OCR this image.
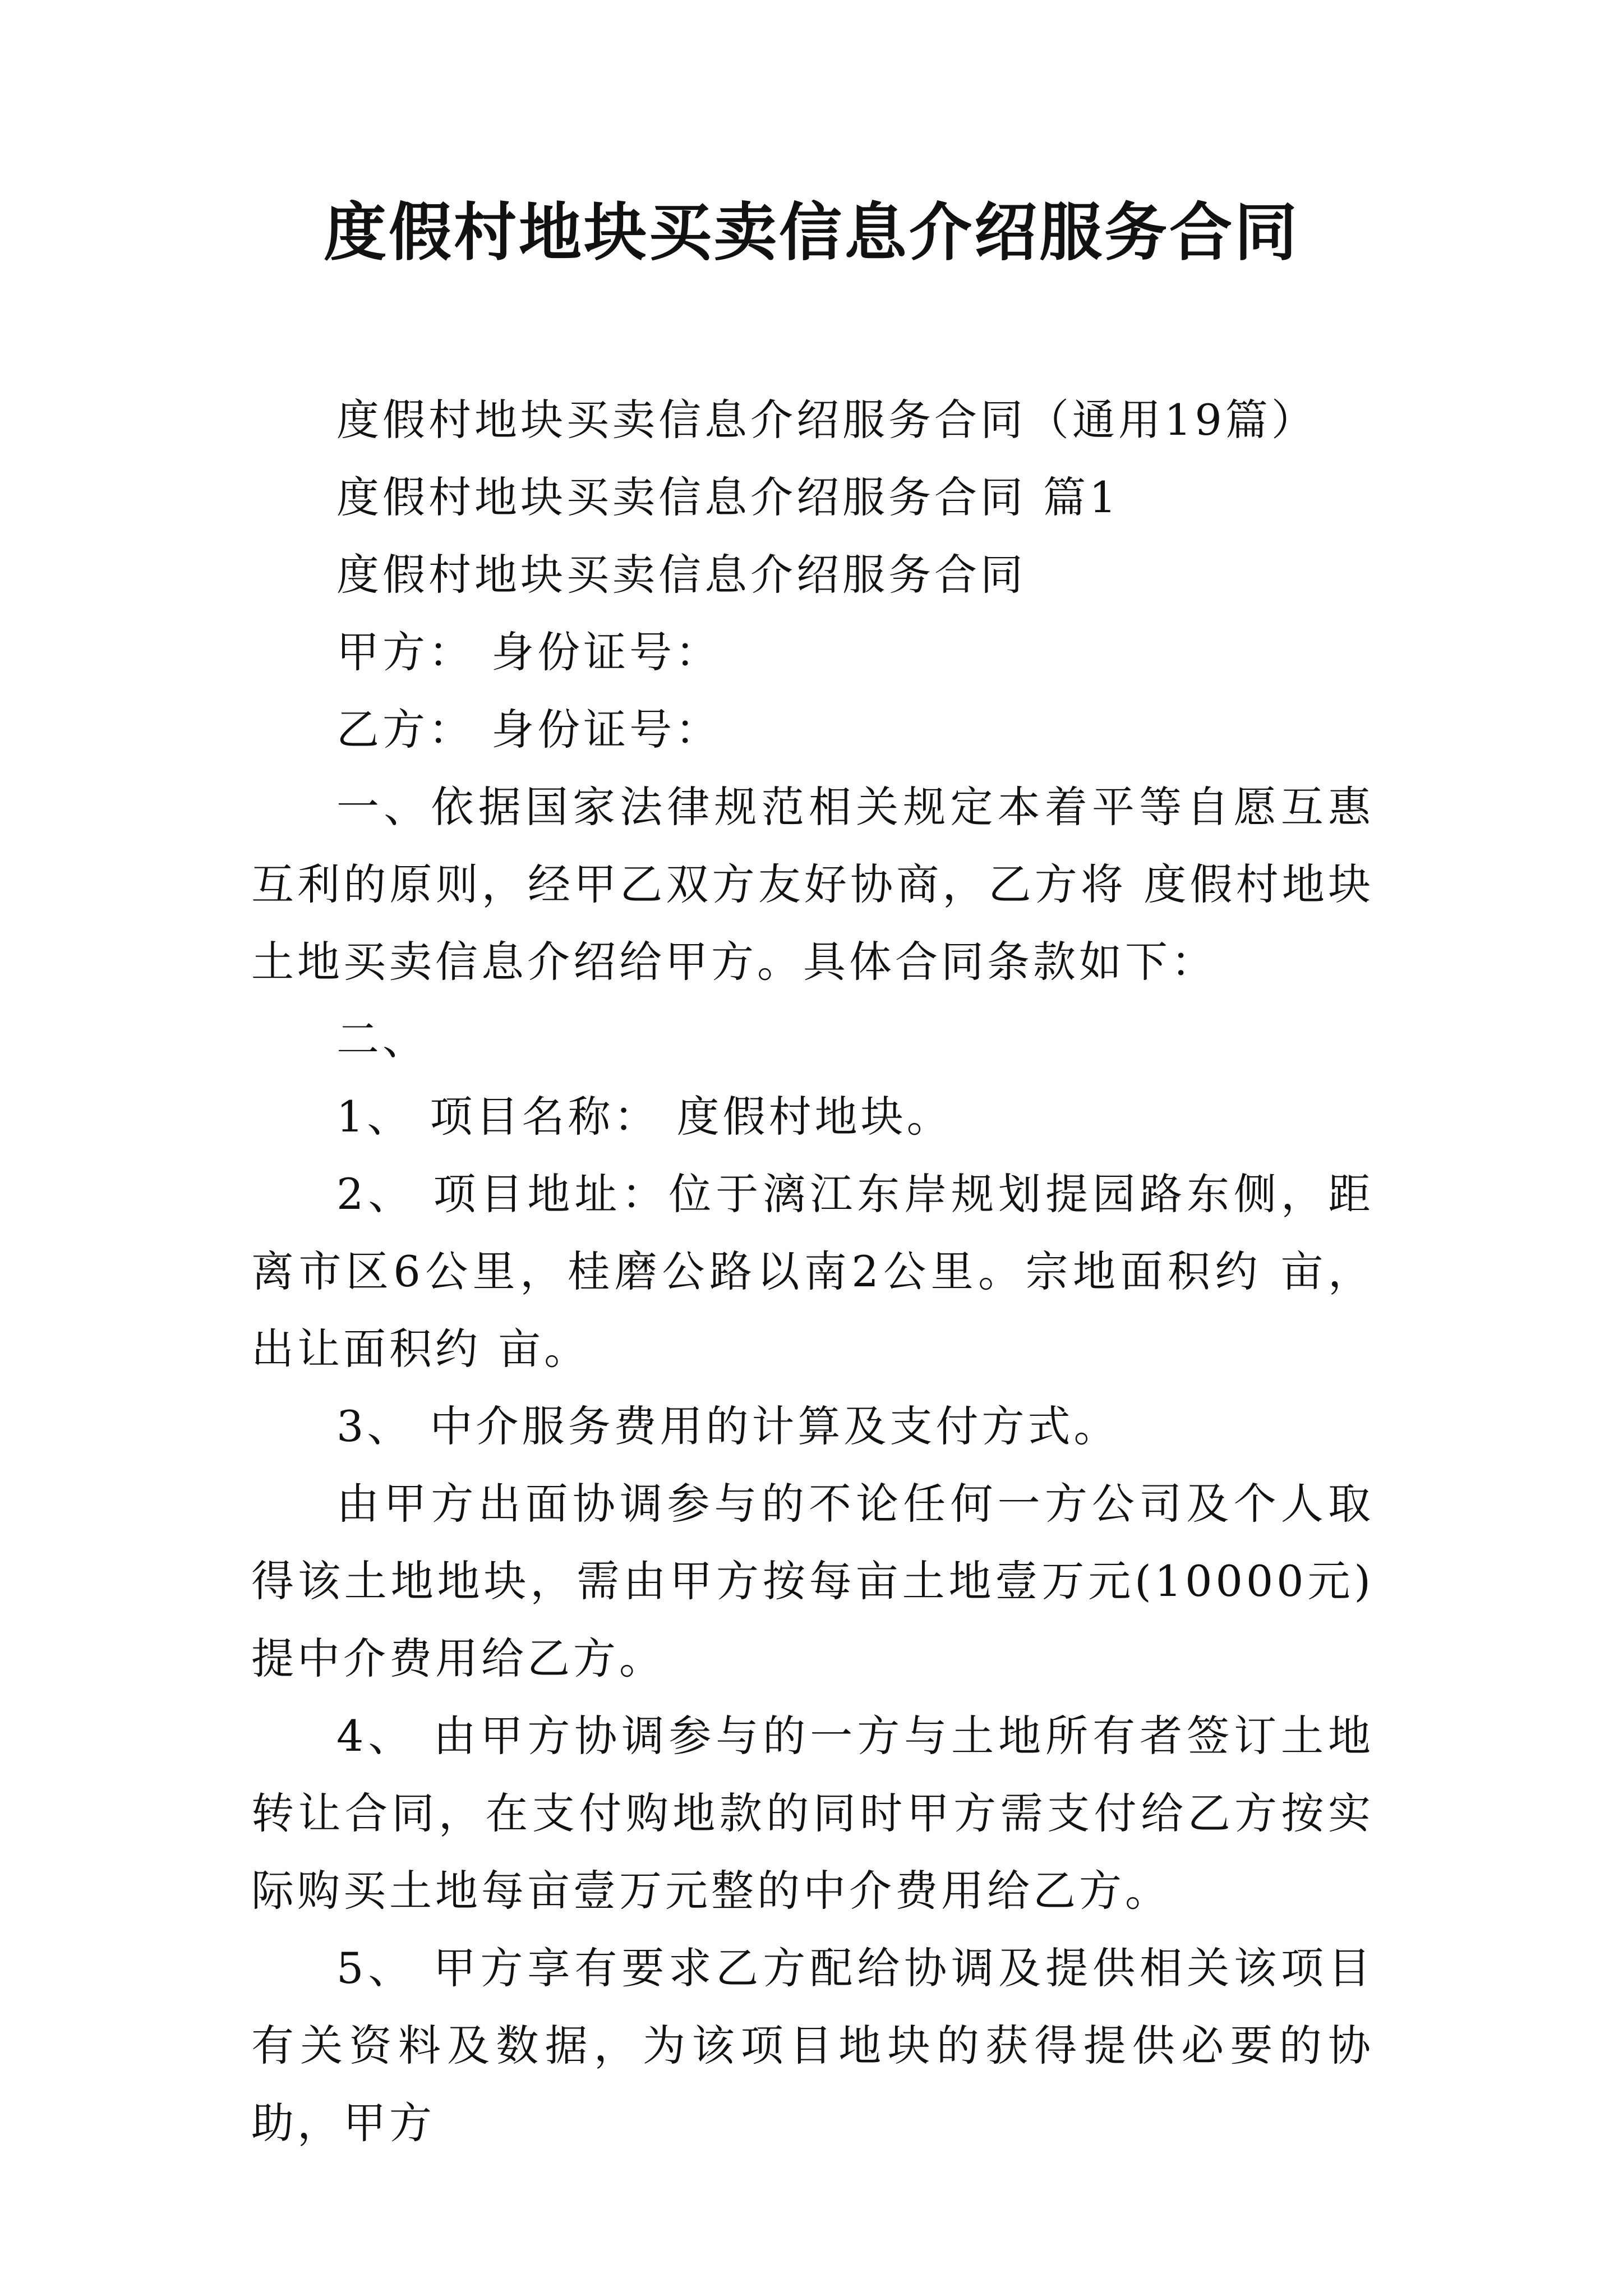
度假村地块买卖信息介绍服务合同

度假村地块买卖信息介绍服务合同（通用19篇）

度假村地块买卖信息介绍服务合同 篇1

度假村地块买卖信息介绍服务合同

甲方： 身份证号：

乙方： 身份证号：

一、依据国家法律规范相关规定本着平等自愿互惠互利的原则，经甲乙双方友好协商，乙方将 度假村地块 土地买卖信息介绍给甲方。具体合同条款如下：

二、

1、 项目名称： 度假村地块。

2、 项目地址：位于漓江东岸规划提园路东侧，距离市区6公里，桂磨公路以南2公里。宗地面积约 亩，出让面积约 亩。

3、 中介服务费用的计算及支付方式。

由甲方出面协调参与的不论任何一方公司及个人取得该土地地块，需由甲方按每亩土地壹万元(10000元)提中介费用给乙方。

4、 由甲方协调参与的一方与土地所有者签订土地转让合同，在支付购地款的同时甲方需支付给乙方按实际购买土地每亩壹万元整的中介费用给乙方。

5、 甲方享有要求乙方配给协调及提供相关该项目有关资料及数据，为该项目地块的获得提供必要的协助，甲方
